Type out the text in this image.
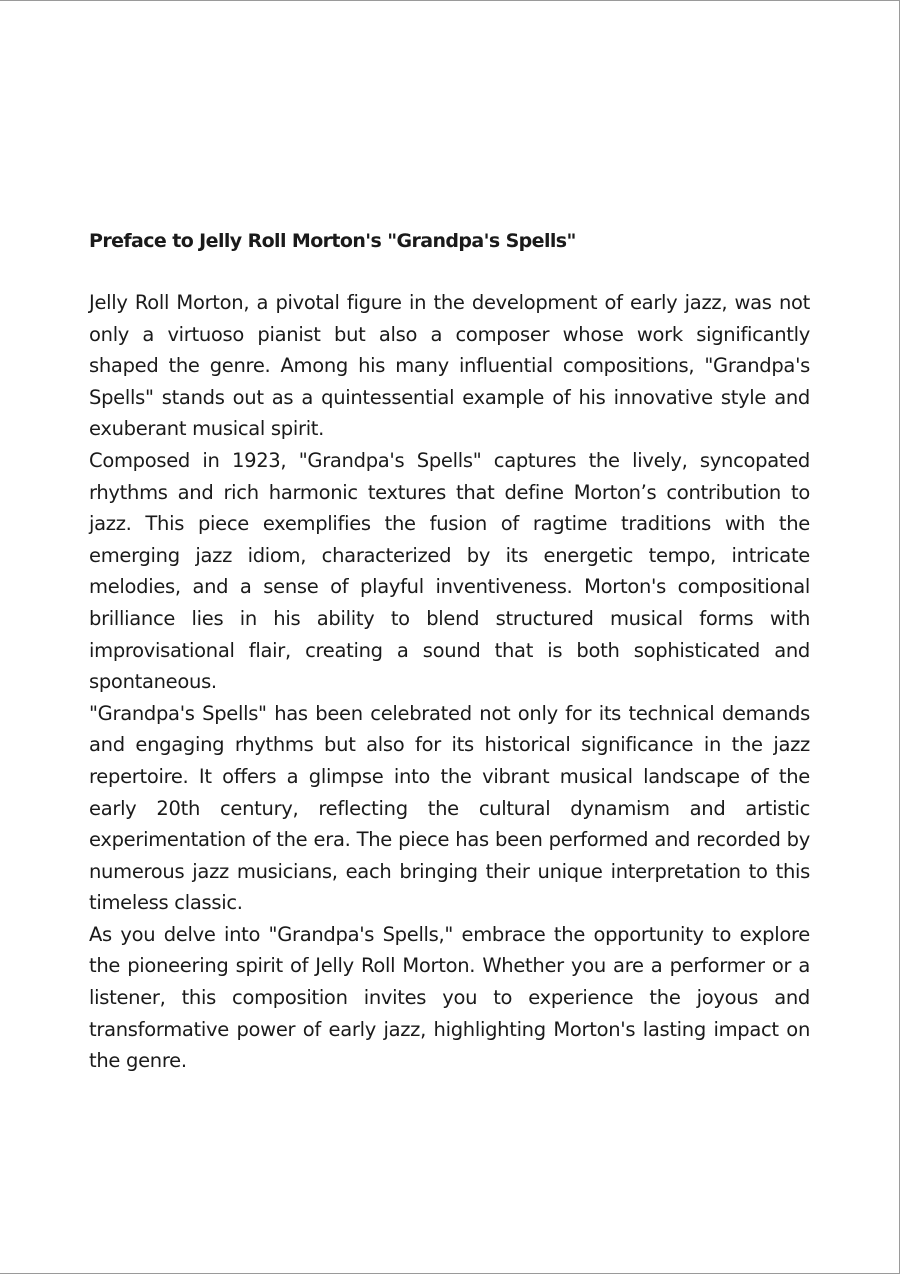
Preface to Jelly Roll Morton's "Grandpa's Spells"

Jelly Roll Morton, a pivotal figure in the development of early jazz, was not only a virtuoso pianist but also a composer whose work significantly shaped the genre. Among his many influential compositions, "Grandpa's Spells" stands out as a quintessential example of his innovative style and exuberant musical spirit.

Composed in 1923, "Grandpa's Spells" captures the lively, syncopated rhythms and rich harmonic textures that define Morton’s contribution to jazz. This piece exemplifies the fusion of ragtime traditions with the emerging jazz idiom, characterized by its energetic tempo, intricate melodies, and a sense of playful inventiveness. Morton's compositional brilliance lies in his ability to blend structured musical forms with improvisational flair, creating a sound that is both sophisticated and spontaneous.

"Grandpa's Spells" has been celebrated not only for its technical demands and engaging rhythms but also for its historical significance in the jazz repertoire. It offers a glimpse into the vibrant musical landscape of the early 20th century, reflecting the cultural dynamism and artistic experimentation of the era. The piece has been performed and recorded by numerous jazz musicians, each bringing their unique interpretation to this timeless classic.

As you delve into "Grandpa's Spells," embrace the opportunity to explore the pioneering spirit of Jelly Roll Morton. Whether you are a performer or a listener, this composition invites you to experience the joyous and transformative power of early jazz, highlighting Morton's lasting impact on the genre.
